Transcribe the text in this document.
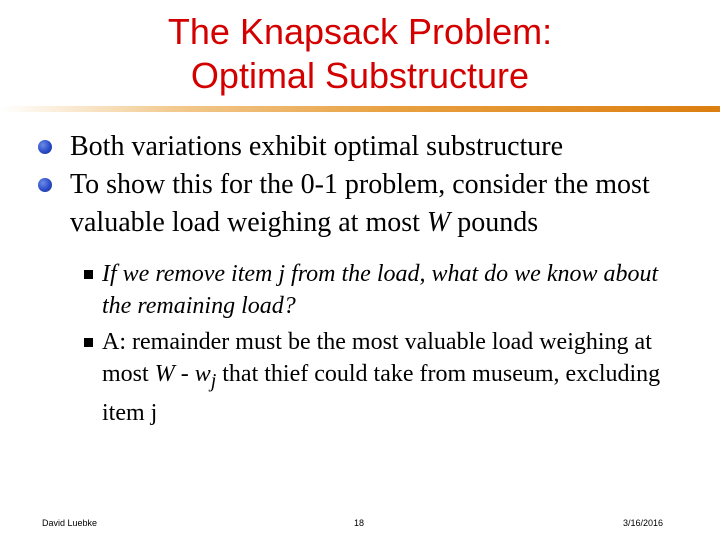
The Knapsack Problem:
Optimal Substructure
Both variations exhibit optimal substructure
To show this for the 0-1 problem, consider the most valuable load weighing at most W pounds
If we remove item j from the load, what do we know about the remaining load?
A: remainder must be the most valuable load weighing at most W - $w_j$ that thief could take from museum, excluding item j
David Luebke	18	3/16/2016
